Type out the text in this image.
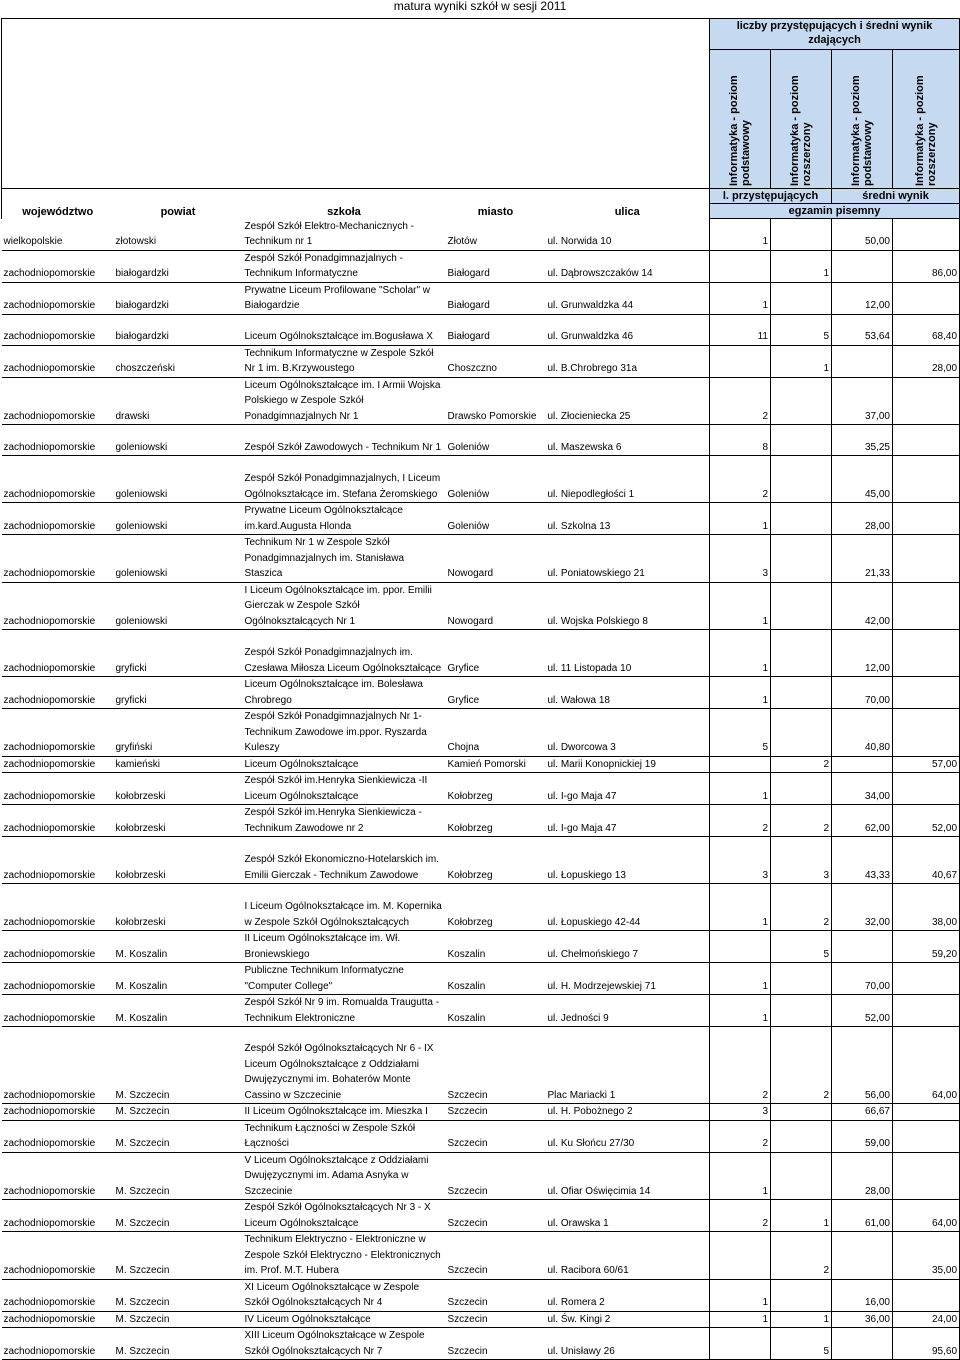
matura wyniki szkół w sesji 2011
					liczby przystępujących i średni wynik zdających			

					Informatyka - poziom podstawowy	Informatyka - poziom rozszerzony	Informatyka - poziom podstawowy	Informatyka - poziom rozszerzony

województwo	powiat	szkoła	miasto	ulica	l. przystępujących		średni wynik	
					egzamin pisemny			
wielkopolskie	złotowski	Zespół Szkół Elektro-Mechanicznych - Technikum nr 1	Złotów	ul. Norwida 10	1		50,00	
zachodniopomorskie	białogardzki	Zespół Szkół Ponadgimnazjalnych - Technikum Informatyczne	Białogard	ul. Dąbrowszczaków 14		1		86,00
zachodniopomorskie	białogardzki	Prywatne Liceum Profilowane "Scholar" w Białogardzie	Białogard	ul. Grunwaldzka 44	1		12,00	
zachodniopomorskie	białogardzki	Liceum Ogólnokształcące im.Bogusława X	Białogard	ul. Grunwaldzka 46	11	5	53,64	68,40
zachodniopomorskie	choszczeński	Technikum Informatyczne w Zespole Szkół Nr 1 im. B.Krzywoustego	Choszczno	ul. B.Chrobrego 31a		1		28,00
zachodniopomorskie	drawski	Liceum Ogólnokształcące im. I Armii Wojska Polskiego w Zespole Szkół Ponadgimnazjalnych Nr 1	Drawsko Pomorskie	ul. Złocieniecka 25	2		37,00	
zachodniopomorskie	goleniowski	Zespół Szkół Zawodowych - Technikum Nr 1	Goleniów	ul. Maszewska 6	8		35,25	
zachodniopomorskie	goleniowski	Zespół Szkół Ponadgimnazjalnych, I Liceum Ogólnokształcące im. Stefana Żeromskiego	Goleniów	ul. Niepodległości 1	2		45,00	
zachodniopomorskie	goleniowski	Prywatne Liceum Ogólnokształcące im.kard.Augusta Hlonda	Goleniów	ul. Szkolna 13	1		28,00	
zachodniopomorskie	goleniowski	Technikum Nr 1 w Zespole Szkół Ponadgimnazjalnych im. Stanisława Staszica	Nowogard	ul. Poniatowskiego 21	3		21,33	
zachodniopomorskie	goleniowski	I Liceum Ogólnokształcące im. ppor. Emilii Gierczak w Zespole Szkół Ogólnokształcących Nr 1	Nowogard	ul. Wojska Polskiego 8	1		42,00	
zachodniopomorskie	gryficki	Zespół Szkół Ponadgimnazjalnych im. Czesława Miłosza Liceum Ogólnokształcące	Gryfice	ul. 11 Listopada 10	1		12,00	
zachodniopomorskie	gryficki	Liceum Ogólnokształcące im. Bolesława Chrobrego	Gryfice	ul. Wałowa 18	1		70,00	
zachodniopomorskie	gryfiński	Zespół Szkół Ponadgimnazjalnych Nr 1- Technikum Zawodowe im.ppor. Ryszarda Kuleszy	Chojna	ul. Dworcowa 3	5		40,80	
zachodniopomorskie	kamieński	Liceum Ogólnokształcące	Kamień Pomorski	ul. Marii Konopnickiej 19		2		57,00
zachodniopomorskie	kołobrzeski	Zespół Szkół im.Henryka Sienkiewicza -II Liceum Ogólnokształcące	Kołobrzeg	ul. I-go Maja 47	1		34,00	
zachodniopomorskie	kołobrzeski	Zespół Szkół im.Henryka Sienkiewicza - Technikum Zawodowe nr 2	Kołobrzeg	ul. I-go Maja 47	2	2	62,00	52,00
zachodniopomorskie	kołobrzeski	Zespół Szkół Ekonomiczno-Hotelarskich im. Emilii Gierczak - Technikum Zawodowe	Kołobrzeg	ul. Łopuskiego 13	3	3	43,33	40,67
zachodniopomorskie	kołobrzeski	I Liceum Ogólnokształcące im. M. Kopernika w Zespole Szkół Ogólnokształcących	Kołobrzeg	ul. Łopuskiego 42-44	1	2	32,00	38,00
zachodniopomorskie	M. Koszalin	II Liceum Ogólnokształcące im. Wł. Broniewskiego	Koszalin	ul. Chełmońskiego 7		5		59,20
zachodniopomorskie	M. Koszalin	Publiczne Technikum Informatyczne "Computer College"	Koszalin	ul. H. Modrzejewskiej 71	1		70,00	
zachodniopomorskie	M. Koszalin	Zespół Szkół Nr 9 im. Romualda Traugutta - Technikum Elektroniczne	Koszalin	ul. Jedności 9	1		52,00	
zachodniopomorskie	M. Szczecin	Zespół Szkół Ogólnokształcących Nr 6 - IX Liceum Ogólnokształcące z Oddziałami Dwujęzycznymi im. Bohaterów Monte Cassino w Szczecinie	Szczecin	Plac Mariacki 1	2	2	56,00	64,00
zachodniopomorskie	M. Szczecin	II Liceum Ogólnokształcące im. Mieszka I	Szczecin	ul. H. Pobożnego 2	3		66,67	
zachodniopomorskie	M. Szczecin	Technikum Łączności w Zespole Szkół Łączności	Szczecin	ul. Ku Słońcu 27/30	2		59,00	
zachodniopomorskie	M. Szczecin	V Liceum Ogólnokształcące z Oddziałami Dwujęzycznymi im. Adama Asnyka w Szczecinie	Szczecin	ul. Ofiar Oświęcimia 14	1		28,00	
zachodniopomorskie	M. Szczecin	Zespół Szkół Ogólnokształcących Nr 3 - X Liceum Ogólnokształcące	Szczecin	ul. Orawska 1	2	1	61,00	64,00
zachodniopomorskie	M. Szczecin	Technikum Elektryczno - Elektroniczne w Zespole Szkół Elektryczno - Elektronicznych im. Prof. M.T. Hubera	Szczecin	ul. Racibora 60/61		2		35,00
zachodniopomorskie	M. Szczecin	XI Liceum Ogólnokształcące w Zespole Szkół Ogólnokształcących Nr 4	Szczecin	ul. Romera 2	1		16,00	
zachodniopomorskie	M. Szczecin	IV Liceum Ogólnokształcące	Szczecin	ul. Św. Kingi 2	1	1	36,00	24,00
zachodniopomorskie	M. Szczecin	XIII Liceum Ogólnokształcące w Zespole Szkół Ogólnokształcących Nr 7	Szczecin	ul. Unisławy 26		5		95,60
